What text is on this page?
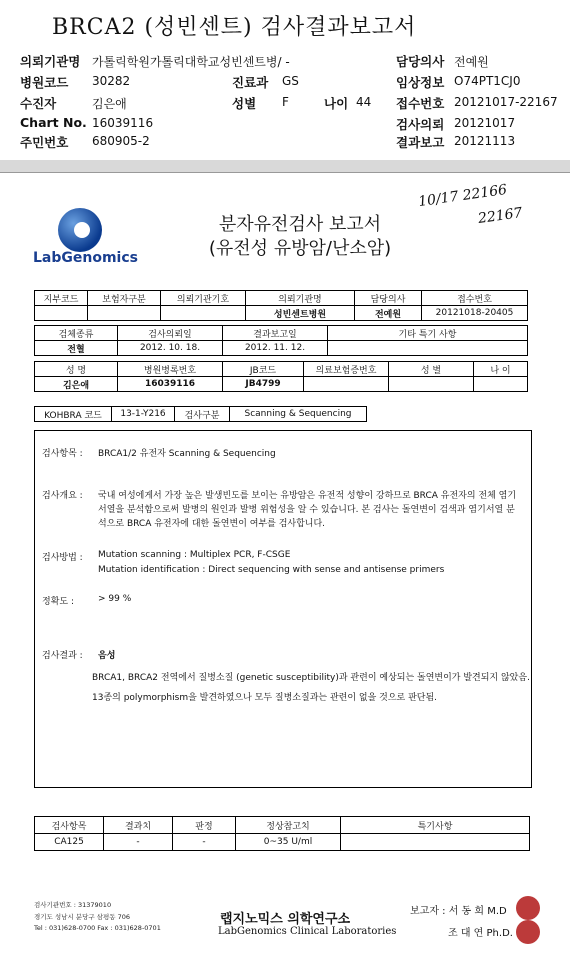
BRCA2 (성빈센트) 검사결과보고서
의뢰기관명 가톨릭학원가톨릭대학교성빈센트병/ -	담당의사 전예원
병원코드 30282	진료과 GS	임상정보 O74PT1CJ0
수진자	김은애	성별 F	나이 44 접수번호 20121017-22167
Chart No. 16039116	검사의뢰 20121017
주민번호 680905-2	결과보고 20121113
LabGenomics
분자유전검사 보고서
(유전성 유방암/난소암)
10/17 22166
22167
지부코드	보험자구분	의뢰기관기호	의뢰기관명	담당의사	접수번호
			성빈센트병원	전예원	20121018-20405
검체종류	검사의뢰일	결과보고일	기타 특기 사항
전혈	2012. 10. 18.	2012. 11. 12.	
성 명	병원병록번호	JB코드	의료보험증번호	성 별	나 이
김은애	16039116	JB4799			
KOHBRA 코드	13-1-Y216	검사구분	Scanning & Sequencing
검사항목 : BRCA1/2 유전자 Scanning & Sequencing
검사개요 : 국내 여성에게서 가장 높은 발생빈도를 보이는 유방암은 유전적 성향이 강하므로 BRCA 유전자의 전체 염기
서열을 분석함으로써 발병의 원인과 발병 위험성을 알 수 있습니다. 본 검사는 돌연변이 검색과 염기서열 분
석으로 BRCA 유전자에 대한 돌연변이 여부를 검사합니다.
검사방법 : Mutation scanning : Multiplex PCR, F-CSGE
Mutation identification : Direct sequencing with sense and antisense primers
정확도 :	> 99 %
검사결과 : 음성
BRCA1, BRCA2 전역에서 질병소질 (genetic susceptibility)과 관련이 예상되는 돌연변이가 발견되지 않았음.
13종의 polymorphism을 발견하였으나 모두 질병소질과는 관련이 없을 것으로 판단됨.
검사항목	결과치	판정	정상참고치	특기사항
CA125	-	-	0~35 U/ml	
검사기관번호 : 31379010
경기도 성남시 분당구 삼평동 706
Tel : 031)628-0700 Fax : 031)628-0701
랩지노믹스 의학연구소
LabGenomics Clinical Laboratories
보고자 : 서 동 희 M.D
조 대 연 Ph.D.
